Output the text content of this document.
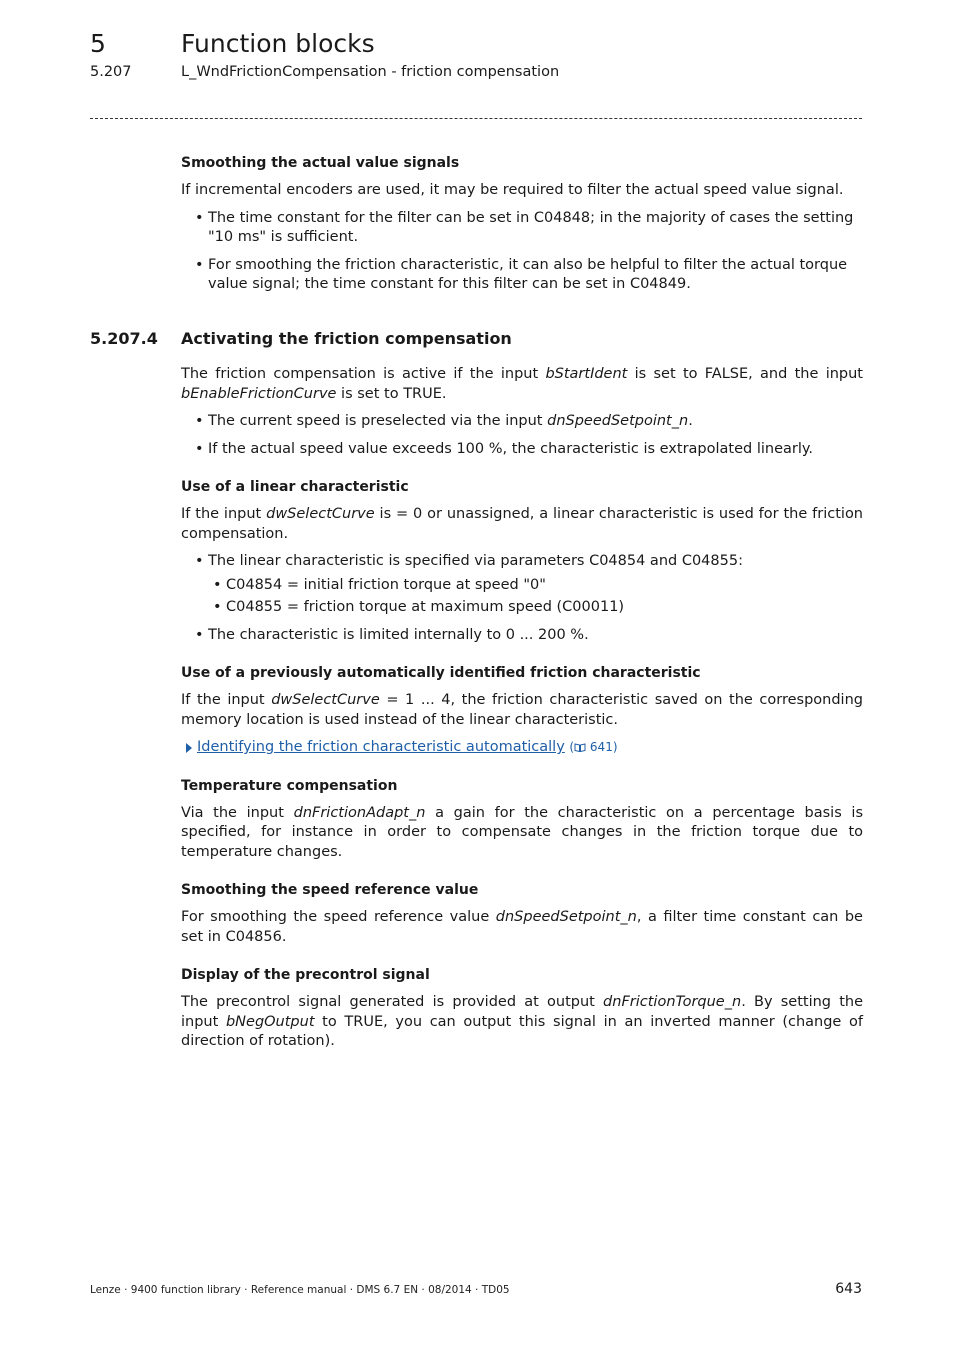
5	Function blocks
5.207	L_WndFrictionCompensation - friction compensation
Smoothing the actual value signals

If incremental encoders are used, it may be required to filter the actual speed value signal.

• The time constant for the filter can be set in C04848; in the majority of cases the setting "10 ms" is sufficient.
• For smoothing the friction characteristic, it can also be helpful to filter the actual torque value signal; the time constant for this filter can be set in C04849.
5.207.4 Activating the friction compensation

The friction compensation is active if the input bStartIdent is set to FALSE, and the input bEnableFrictionCurve is set to TRUE.

• The current speed is preselected via the input dnSpeedSetpoint_n.
• If the actual speed value exceeds 100 %, the characteristic is extrapolated linearly.
Use of a linear characteristic

If the input dwSelectCurve is = 0 or unassigned, a linear characteristic is used for the friction compensation.

• The linear characteristic is specified via parameters C04854 and C04855:
• C04854 = initial friction torque at speed "0"
• C04855 = friction torque at maximum speed (C00011)
• The characteristic is limited internally to 0 ... 200 %.
Use of a previously automatically identified friction characteristic

If the input dwSelectCurve = 1 ... 4, the friction characteristic saved on the corresponding memory location is used instead of the linear characteristic.

Identifying the friction characteristic automatically ( 641)
Temperature compensation

Via the input dnFrictionAdapt_n a gain for the characteristic on a percentage basis is specified, for instance in order to compensate changes in the friction torque due to temperature changes.

Smoothing the speed reference value

For smoothing the speed reference value dnSpeedSetpoint_n, a filter time constant can be set in C04856.

Display of the precontrol signal

The precontrol signal generated is provided at output dnFrictionTorque_n. By setting the input bNegOutput to TRUE, you can output this signal in an inverted manner (change of direction of rotation).

Lenze · 9400 function library · Reference manual · DMS 6.7 EN · 08/2014 · TD05	643
